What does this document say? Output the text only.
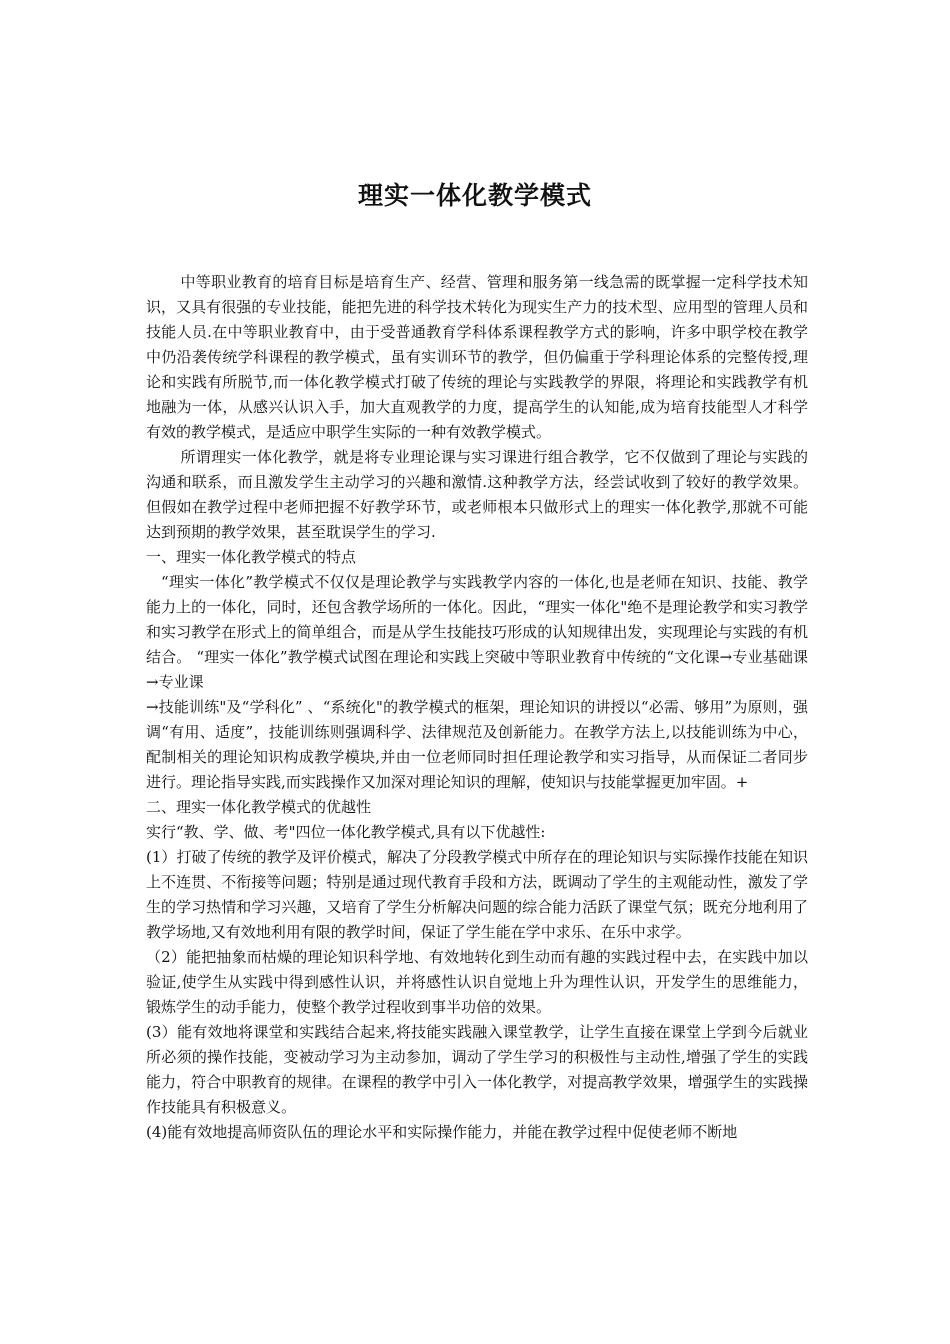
理实一体化教学模式

中等职业教育的培育目标是培育生产、经营、管理和服务第一线急需的既掌握一定科学技术知识，又具有很强的专业技能，能把先进的科学技术转化为现实生产力的技术型、应用型的管理人员和技能人员.在中等职业教育中，由于受普通教育学科体系课程教学方式的影响，许多中职学校在教学中仍沿袭传统学科课程的教学模式，虽有实训环节的教学，但仍偏重于学科理论体系的完整传授,理论和实践有所脱节,而一体化教学模式打破了传统的理论与实践教学的界限，将理论和实践教学有机地融为一体，从感兴认识入手，加大直观教学的力度，提高学生的认知能,成为培育技能型人才科学有效的教学模式，是适应中职学生实际的一种有效教学模式。

所谓理实一体化教学，就是将专业理论课与实习课进行组合教学，它不仅做到了理论与实践的沟通和联系，而且激发学生主动学习的兴趣和激情.这种教学方法，经尝试收到了较好的教学效果。但假如在教学过程中老师把握不好教学环节，或老师根本只做形式上的理实一体化教学,那就不可能达到预期的教学效果，甚至耽误学生的学习.

一、理实一体化教学模式的特点

“理实一体化”教学模式不仅仅是理论教学与实践教学内容的一体化,也是老师在知识、技能、教学能力上的一体化，同时，还包含教学场所的一体化。因此，“理实一体化"绝不是理论教学和实习教学和实习教学在形式上的简单组合，而是从学生技能技巧形成的认知规律出发，实现理论与实践的有机结合。 “理实一体化”教学模式试图在理论和实践上突破中等职业教育中传统的“文化课→专业基础课→专业课

→技能训练"及“学科化” 、“系统化"的教学模式的框架，理论知识的讲授以“必需、够用”为原则，强调“有用、适度”，技能训练则强调科学、法律规范及创新能力。在教学方法上,以技能训练为中心，配制相关的理论知识构成教学模块,并由一位老师同时担任理论教学和实习指导，从而保证二者同步进行。理论指导实践,而实践操作又加深对理论知识的理解，使知识与技能掌握更加牢固。+

二、理实一体化教学模式的优越性

实行“教、学、做、考"四位一体化教学模式,具有以下优越性:

(1）打破了传统的教学及评价模式，解决了分段教学模式中所存在的理论知识与实际操作技能在知识上不连贯、不衔接等问题；特别是通过现代教育手段和方法，既调动了学生的主观能动性，激发了学生的学习热情和学习兴趣，又培育了学生分析解决问题的综合能力活跃了课堂气氛；既充分地利用了教学场地,又有效地利用有限的教学时间，保证了学生能在学中求乐、在乐中求学。

（2）能把抽象而枯燥的理论知识科学地、有效地转化到生动而有趣的实践过程中去，在实践中加以验证,使学生从实践中得到感性认识，并将感性认识自觉地上升为理性认识，开发学生的思维能力，锻炼学生的动手能力，使整个教学过程收到事半功倍的效果。

(3）能有效地将课堂和实践结合起来,将技能实践融入课堂教学，让学生直接在课堂上学到今后就业所必须的操作技能，变被动学习为主动参加，调动了学生学习的积极性与主动性,增强了学生的实践能力，符合中职教育的规律。在课程的教学中引入一体化教学，对提高教学效果，增强学生的实践操作技能具有积极意义。

(4)能有效地提高师资队伍的理论水平和实际操作能力，并能在教学过程中促使老师不断地
